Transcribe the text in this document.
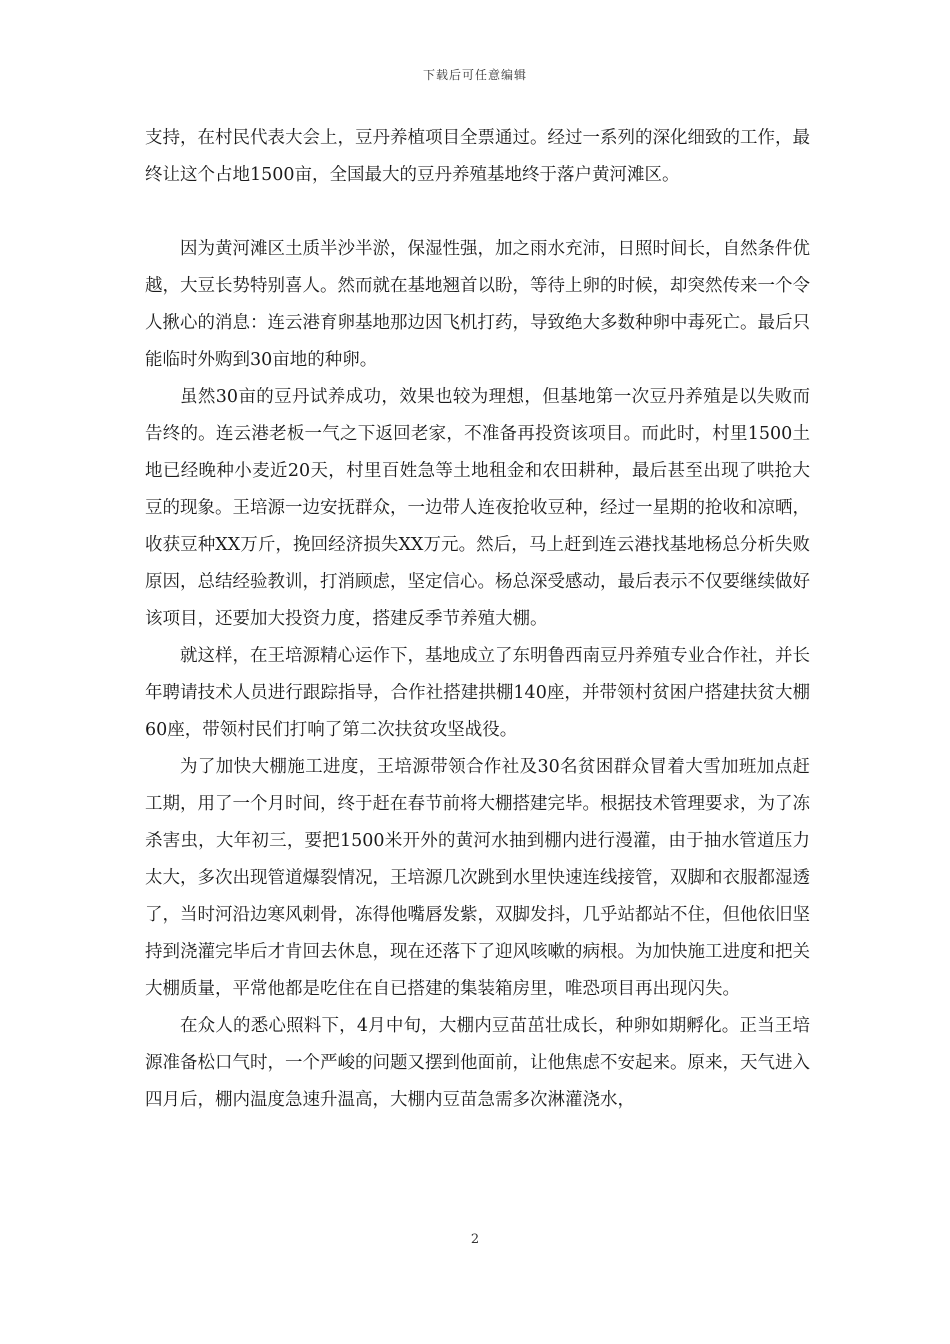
下载后可任意编辑

支持，在村民代表大会上，豆丹养植项目全票通过。经过一系列的深化细致的工作，最终让这个占地1500亩，全国最大的豆丹养殖基地终于落户黄河滩区。

因为黄河滩区土质半沙半淤，保湿性强，加之雨水充沛，日照时间长，自然条件优越，大豆长势特别喜人。然而就在基地翘首以盼，等待上卵的时候，却突然传来一个令人揪心的消息：连云港育卵基地那边因飞机打药，导致绝大多数种卵中毒死亡。最后只能临时外购到30亩地的种卵。

虽然30亩的豆丹试养成功，效果也较为理想，但基地第一次豆丹养殖是以失败而告终的。连云港老板一气之下返回老家，不准备再投资该项目。而此时，村里1500土地已经晚种小麦近20天，村里百姓急等土地租金和农田耕种，最后甚至出现了哄抢大豆的现象。王培源一边安抚群众，一边带人连夜抢收豆种，经过一星期的抢收和凉晒，收获豆种XX万斤，挽回经济损失XX万元。然后，马上赶到连云港找基地杨总分析失败原因，总结经验教训，打消顾虑，坚定信心。杨总深受感动，最后表示不仅要继续做好该项目，还要加大投资力度，搭建反季节养殖大棚。

就这样，在王培源精心运作下，基地成立了东明鲁西南豆丹养殖专业合作社，并长年聘请技术人员进行跟踪指导，合作社搭建拱棚140座，并带领村贫困户搭建扶贫大棚60座，带领村民们打响了第二次扶贫攻坚战役。

为了加快大棚施工进度，王培源带领合作社及30名贫困群众冒着大雪加班加点赶工期，用了一个月时间，终于赶在春节前将大棚搭建完毕。根据技术管理要求，为了冻杀害虫，大年初三，要把1500米开外的黄河水抽到棚内进行漫灌，由于抽水管道压力太大，多次出现管道爆裂情况，王培源几次跳到水里快速连线接管，双脚和衣服都湿透了，当时河沿边寒风刺骨，冻得他嘴唇发紫，双脚发抖，几乎站都站不住，但他依旧坚持到浇灌完毕后才肯回去休息，现在还落下了迎风咳嗽的病根。为加快施工进度和把关大棚质量，平常他都是吃住在自已搭建的集装箱房里，唯恐项目再出现闪失。

在众人的悉心照料下，4月中旬，大棚内豆苗茁壮成长，种卵如期孵化。正当王培源准备松口气时，一个严峻的问题又摆到他面前，让他焦虑不安起来。原来，天气进入四月后，棚内温度急速升温高，大棚内豆苗急需多次淋灌浇水，

2
